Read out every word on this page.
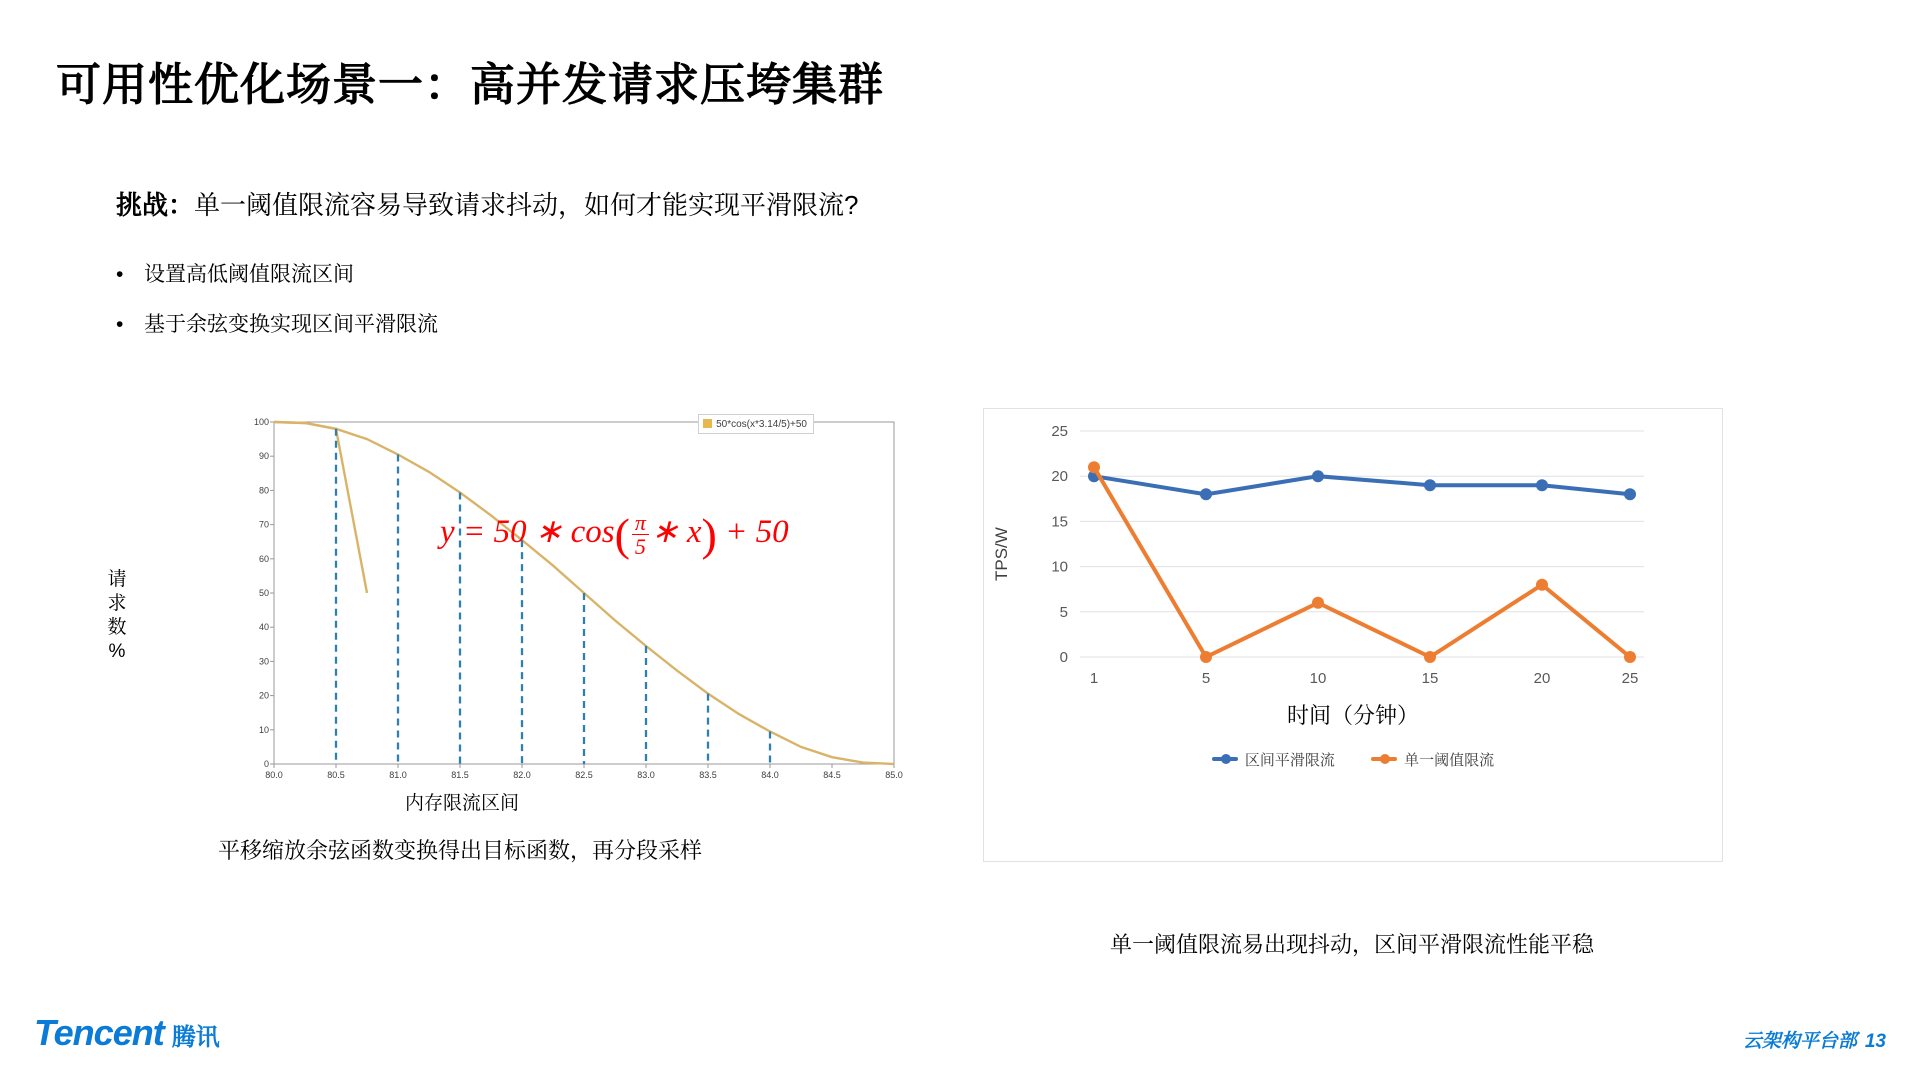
可用性优化场景一：高并发请求压垮集群
挑战：单一阈值限流容易导致请求抖动，如何才能实现平滑限流?
• 设置高低阈值限流区间
• 基于余弦变换实现区间平滑限流
请
求
数
%
100
90
80
70
60
50
40
30
20
10
0
80.0	80.5	81.0	81.5	82.0	82.5	83.0	83.5	84.0	84.5	85.0
50*cos(x*3.14/5)+50
内存限流区间
平移缩放余弦函数变换得出目标函数，再分段采样
y = 50 ∗ $\cos( \frac{\pi}{5}$ ∗ x) + 50	TPS/W
25
20
15
10
5
0
1	5	10	15	20	25
时间（分钟）
区间平滑限流	单一阈值限流
单一阈值限流易出现抖动，区间平滑限流性能平稳
Tencent 腾讯	云架构平台部 13
